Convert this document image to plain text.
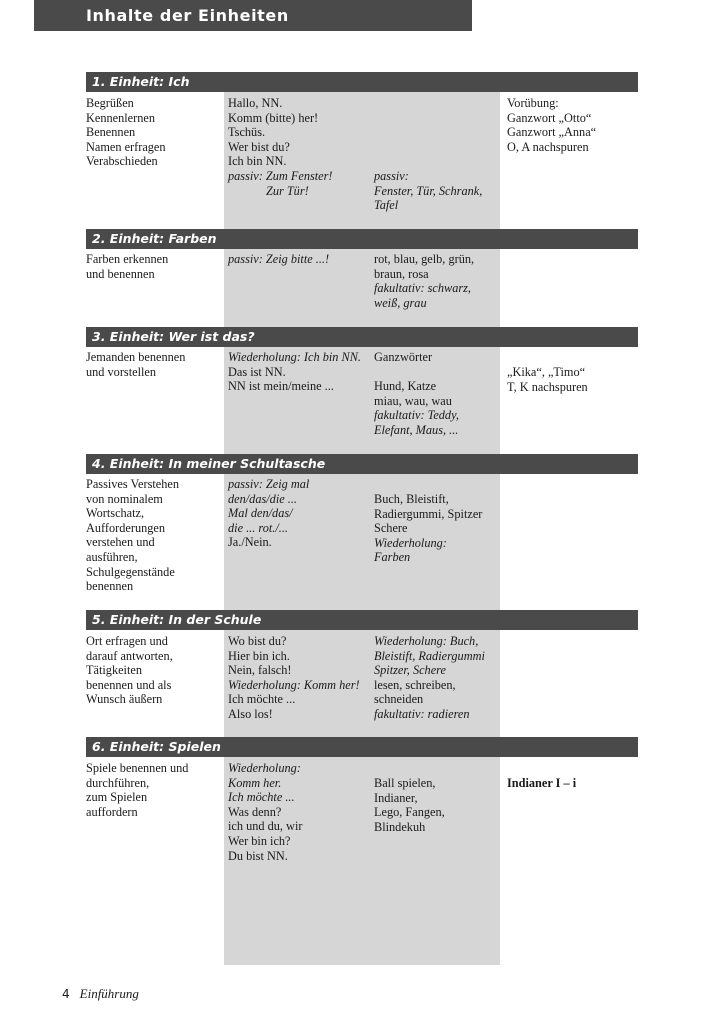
Inhalte der Einheiten
1. Einheit: Ich
Begrüßen
Kennenlernen
Benennen
Namen erfragen
Verabschieden
Hallo, NN.
Komm (bitte) her!
Tschüs.
Wer bist du?
Ich bin NN.
passiv: Zum Fenster!
Zur Tür!
passiv:
Fenster, Tür, Schrank,
Tafel
Vorübung:
Ganzwort „Otto“
Ganzwort „Anna“
O, A nachspuren
2. Einheit: Farben
Farben erkennen
und benennen
passiv: Zeig bitte ...!	rot, blau, gelb, grün,
braun, rosa
fakultativ: schwarz,
weiß, grau
3. Einheit: Wer ist das?
Jemanden benennen
und vorstellen
Wiederholung: Ich bin NN.
Das ist NN.
NN ist mein/meine ...
Ganzwörter
Hund, Katze
miau, wau, wau
fakultativ: Teddy,
Elefant, Maus, ...
„Kika“, „Timo“
T, K nachspuren
4. Einheit: In meiner Schultasche
Passives Verstehen
von nominalem
Wortschatz,
Aufforderungen
verstehen und
ausführen,
Schulgegenstände
benennen
passiv: Zeig mal
den/das/die ...
Mal den/das/
die ... rot./...
Ja./Nein.
Buch, Bleistift,
Radiergummi, Spitzer
Schere
Wiederholung:
Farben
5. Einheit: In der Schule
Ort erfragen und
darauf antworten,
Tätigkeiten
benennen und als
Wunsch äußern
Wo bist du?
Hier bin ich.
Nein, falsch!
Wiederholung: Komm her!
Ich möchte ...
Also los!
Wiederholung: Buch,
Bleistift, Radiergummi
Spitzer, Schere
lesen, schreiben,
schneiden
fakultativ: radieren
6. Einheit: Spielen
Spiele benennen und
durchführen,
zum Spielen
auffordern
Wiederholung:
Komm her.
Ich möchte ...
Was denn?
ich und du, wir
Wer bin ich?
Du bist NN.
Ball spielen,
Indianer,
Lego, Fangen,
Blindekuh
Indianer I – i
4 Einführung
